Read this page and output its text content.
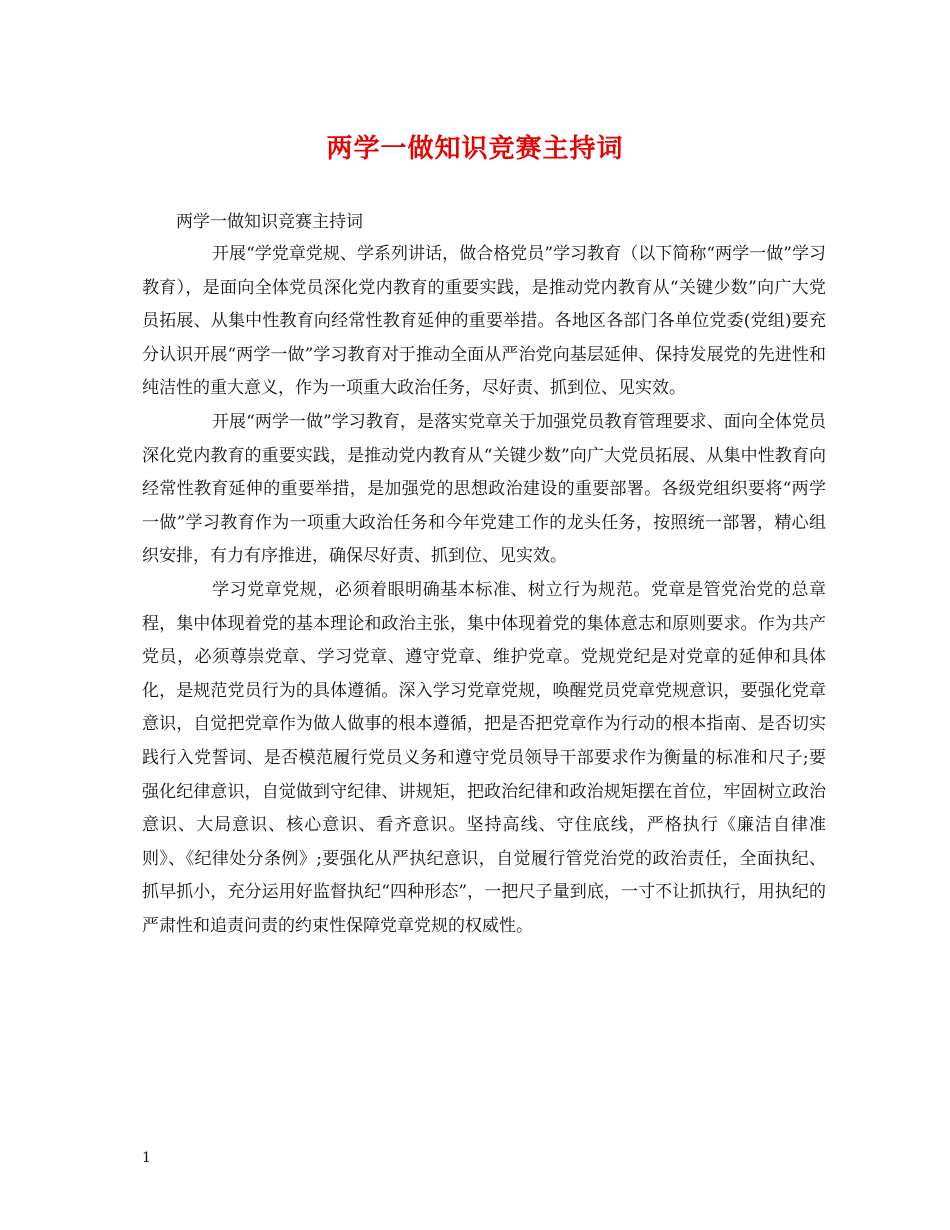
两学一做知识竞赛主持词
两学一做知识竞赛主持词

开展“学党章党规、学系列讲话，做合格党员”学习教育（以下简称“两学一做”学习教育），是面向全体党员深化党内教育的重要实践，是推动党内教育从“关键少数”向广大党员拓展、从集中性教育向经常性教育延伸的重要举措。各地区各部门各单位党委(党组)要充分认识开展“两学一做”学习教育对于推动全面从严治党向基层延伸、保持发展党的先进性和纯洁性的重大意义，作为一项重大政治任务，尽好责、抓到位、见实效。

开展“两学一做”学习教育，是落实党章关于加强党员教育管理要求、面向全体党员深化党内教育的重要实践，是推动党内教育从“关键少数”向广大党员拓展、从集中性教育向经常性教育延伸的重要举措，是加强党的思想政治建设的重要部署。各级党组织要将“两学一做”学习教育作为一项重大政治任务和今年党建工作的龙头任务，按照统一部署，精心组织安排，有力有序推进，确保尽好责、抓到位、见实效。

学习党章党规，必须着眼明确基本标准、树立行为规范。党章是管党治党的总章程，集中体现着党的基本理论和政治主张，集中体现着党的集体意志和原则要求。作为共产党员，必须尊崇党章、学习党章、遵守党章、维护党章。党规党纪是对党章的延伸和具体化，是规范党员行为的具体遵循。深入学习党章党规，唤醒党员党章党规意识，要强化党章意识，自觉把党章作为做人做事的根本遵循，把是否把党章作为行动的根本指南、是否切实践行入党誓词、是否模范履行党员义务和遵守党员领导干部要求作为衡量的标准和尺子;要强化纪律意识，自觉做到守纪律、讲规矩，把政治纪律和政治规矩摆在首位，牢固树立政治意识、大局意识、核心意识、看齐意识。坚持高线、守住底线，严格执行《廉洁自律准则》、《纪律处分条例》;要强化从严执纪意识，自觉履行管党治党的政治责任，全面执纪、抓早抓小，充分运用好监督执纪“四种形态”，一把尺子量到底，一寸不让抓执行，用执纪的严肃性和追责问责的约束性保障党章党规的权威性。

1
